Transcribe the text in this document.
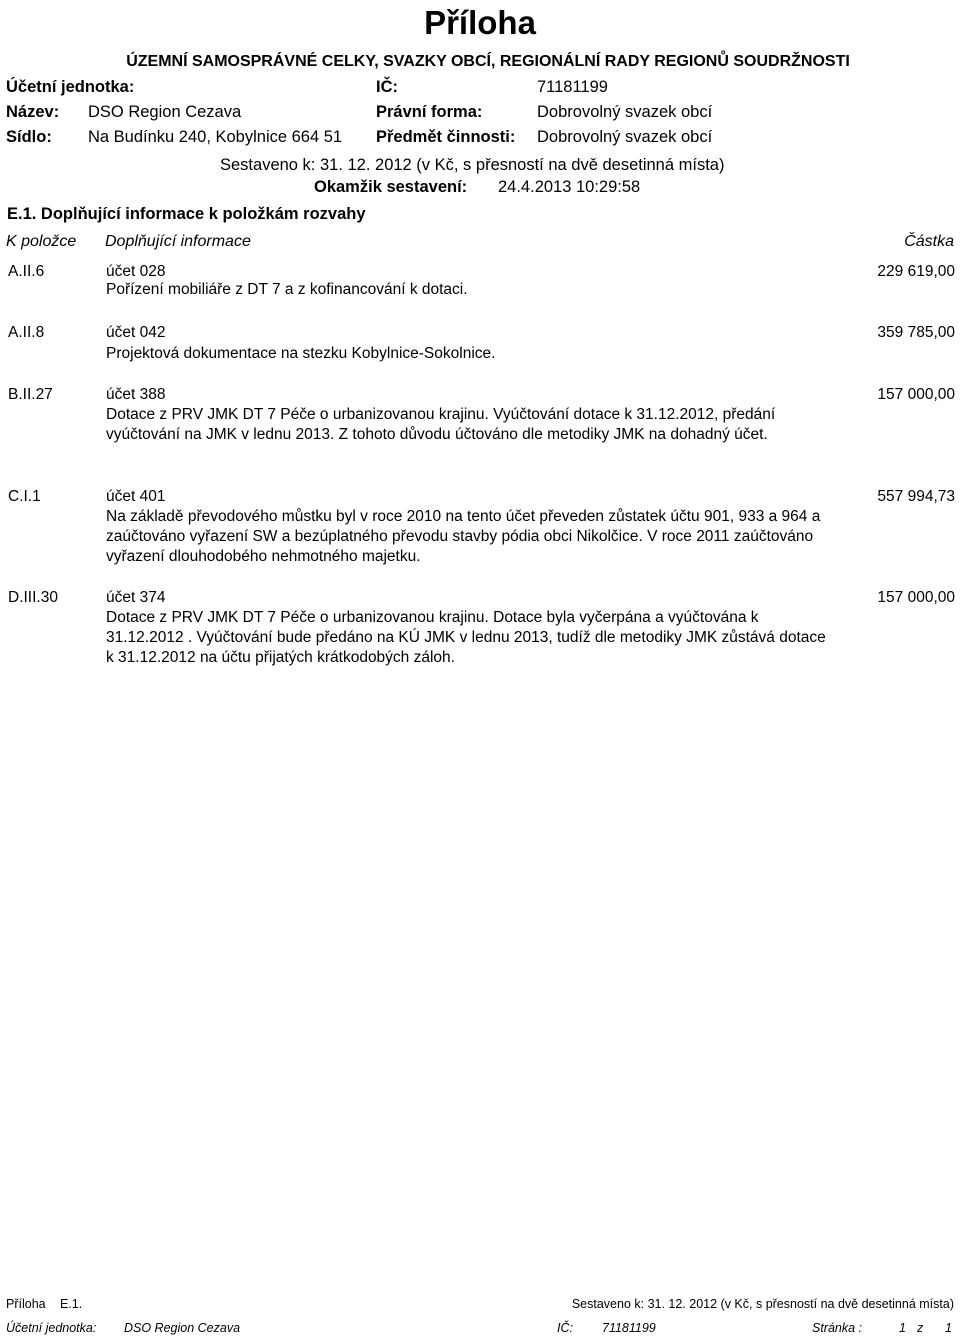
Příloha
ÚZEMNÍ SAMOSPRÁVNÉ CELKY, SVAZKY OBCÍ, REGIONÁLNÍ RADY REGIONŮ SOUDRŽNOSTI
Účetní jednotka:	IČ:	71181199
Název: DSO Region Cezava	Právní forma:	Dobrovolný svazek obcí
Sídlo: Na Budínku 240, Kobylnice 664 51 Předmět činnosti: Dobrovolný svazek obcí
Sestaveno k: 31. 12. 2012 (v Kč, s přesností na dvě desetinná místa)
Okamžik sestavení: 24.4.2013 10:29:58
E.1. Doplňující informace k položkám rozvahy
K položce Doplňující informace	Částka
A.II.6	účet 028	229 619,00
Pořízení mobiliáře z DT 7 a z kofinancování k dotaci.
A.II.8	účet 042	359 785,00
Projektová dokumentace na stezku Kobylnice-Sokolnice.
B.II.27	účet 388	157 000,00
Dotace z PRV JMK DT 7 Péče o urbanizovanou krajinu. Vyúčtování dotace k 31.12.2012, předání vyúčtování na JMK v lednu 2013. Z tohoto důvodu účtováno dle metodiky JMK na dohadný účet.
C.I.1	účet 401	557 994,73
Na základě převodového můstku byl v roce 2010 na tento účet převeden zůstatek účtu 901, 933 a 964 a zaúčtováno vyřazení SW a bezúplatného převodu stavby pódia obci Nikolčice. V roce 2011 zaúčtováno vyřazení dlouhodobého nehmotného majetku.
D.III.30	účet 374	157 000,00
Dotace z PRV JMK DT 7 Péče o urbanizovanou krajinu. Dotace byla vyčerpána a vyúčtována k 31.12.2012 . Vyúčtování bude předáno na KÚ JMK v lednu 2013, tudíž dle metodiky JMK zůstává dotace k 31.12.2012 na účtu přijatých krátkodobých záloh.
Příloha E.1.	Sestaveno k: 31. 12. 2012 (v Kč, s přesností na dvě desetinná místa)
Účetní jednotka: DSO Region Cezava	IČ: 71181199	Stránka :	1 z 1
